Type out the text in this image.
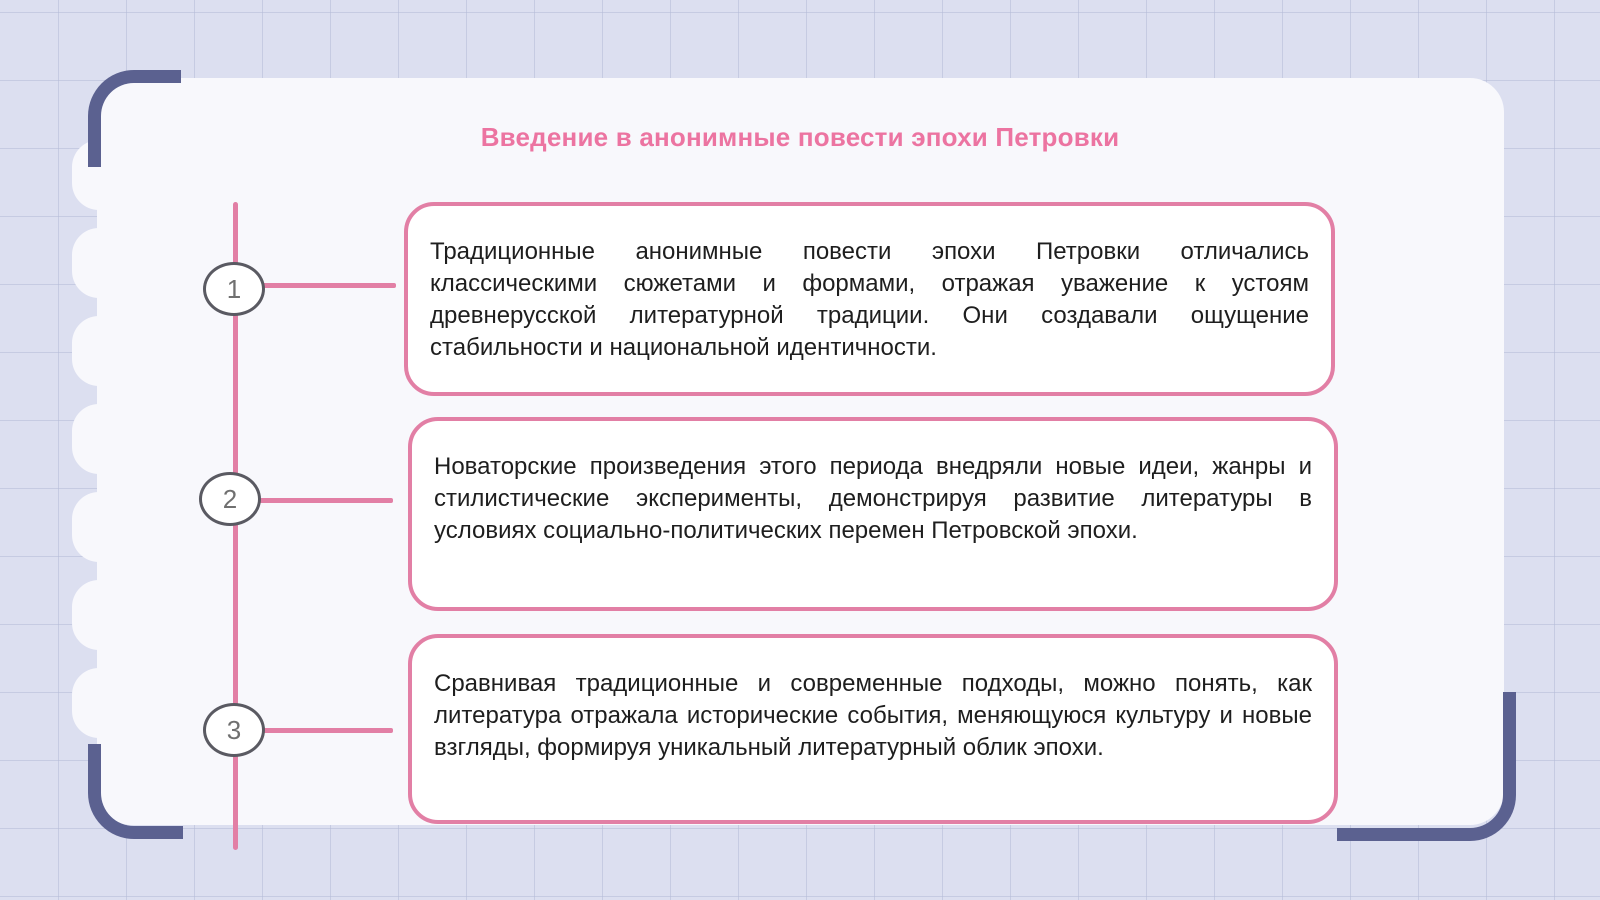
Введение в анонимные повести эпохи Петровки
1
2
3

Традиционные анонимные повести эпохи Петровки отличались классическими сюжетами и формами, отражая уважение к устоям древнерусской литературной традиции. Они создавали ощущение стабильности и национальной идентичности.

Новаторские произведения этого периода внедряли новые идеи, жанры и стилистические эксперименты, демонстрируя развитие литературы в условиях социально-политических перемен Петровской эпохи.

Сравнивая традиционные и современные подходы, можно понять, как литература отражала исторические события, меняющуюся культуру и новые взгляды, формируя уникальный литературный облик эпохи.
